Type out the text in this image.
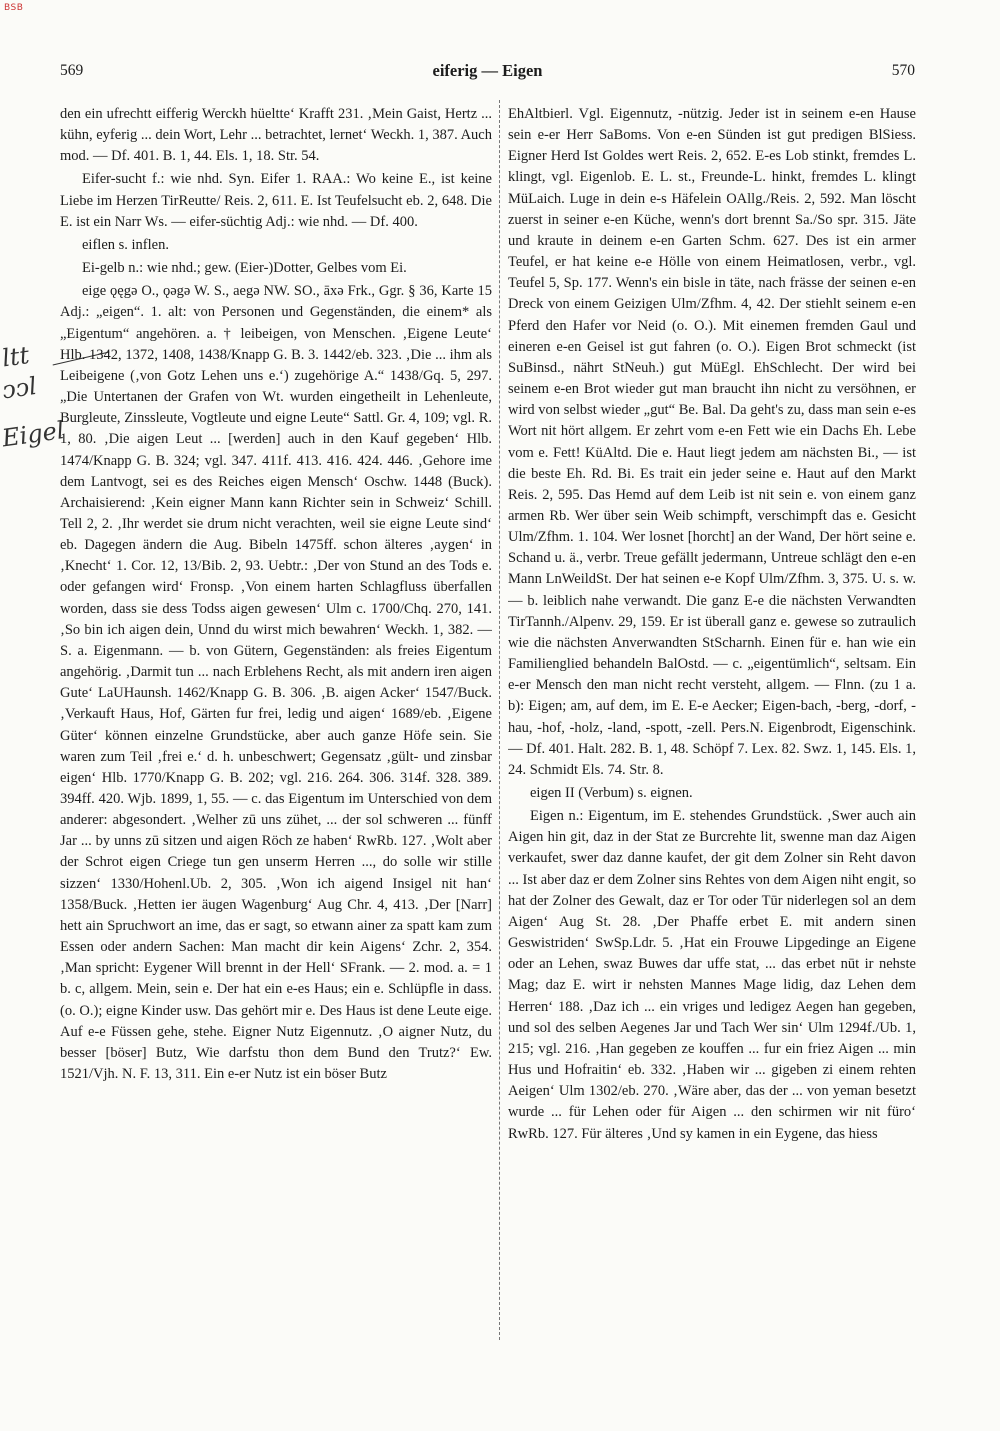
BSB
569	eiferig — Eigen	570
ltt
ͻͻl
Eigel

den ein ufrechtt eifferig Werckh hüeltte‘ Krafft 231. ‚Mein Gaist, Hertz ... kühn, eyferig ... dein Wort, Lehr ... betrachtet, lernet‘ Weckh. 1, 387. Auch mod. — Df. 401. B. 1, 44. Els. 1, 18. Str. 54.

Eifer-sucht f.: wie nhd. Syn. Eifer 1. RAA.: Wo keine E., ist keine Liebe im Herzen TirReutte/ Reis. 2, 611. E. Ist Teufelsucht eb. 2, 648. Die E. ist ein Narr Ws. — eifer-süchtig Adj.: wie nhd. — Df. 400.

eiflen s. inflen.

Ei-gelb n.: wie nhd.; gew. (Eier-)Dotter, Gelbes vom Ei.

eige ǫęgə O., ǫəgə W. S., aegə NW. SO., āxə Frk., Ggr. § 36, Karte 15 Adj.: „eigen“. 1. alt: von Personen und Gegenständen, die einem* als „Eigentum“ angehören. a. † leibeigen, von Menschen. ‚Eigene Leute‘ Hlb. 1342, 1372, 1408, 1438/Knapp G. B. 3. 1442/eb. 323. ‚Die ... ihm als Leibeigene (‚von Gotz Lehen uns e.‘) zugehörige A.“ 1438/Gq. 5, 297. „Die Untertanen der Grafen von Wt. wurden eingetheilt in Lehenleute, Burgleute, Zinssleute, Vogtleute und eigne Leute“ Sattl. Gr. 4, 109; vgl. R. 1, 80. ‚Die aigen Leut ... [werden] auch in den Kauf gegeben‘ Hlb. 1474/Knapp G. B. 324; vgl. 347. 411f. 413. 416. 424. 446. ‚Gehore ime dem Lantvogt, sei es des Reiches eigen Mensch‘ Oschw. 1448 (Buck). Archaisierend: ‚Kein eigner Mann kann Richter sein in Schweiz‘ Schill. Tell 2, 2. ‚Ihr werdet sie drum nicht verachten, weil sie eigne Leute sind‘ eb. Dagegen ändern die Aug. Bibeln 1475ff. schon älteres ‚aygen‘ in ‚Knecht‘ 1. Cor. 12, 13/Bib. 2, 93. Uebtr.: ‚Der von Stund an des Tods e. oder gefangen wird‘ Fronsp. ‚Von einem harten Schlagfluss überfallen worden, dass sie dess Todss aigen gewesen‘ Ulm c. 1700/Chq. 270, 141. ‚So bin ich aigen dein, Unnd du wirst mich bewahren‘ Weckh. 1, 382. — S. a. Eigenmann. — b. von Gütern, Gegenständen: als freies Eigentum angehörig. ‚Darmit tun ... nach Erblehens Recht, als mit andern iren aigen Gute‘ LaUHaunsh. 1462/Knapp G. B. 306. ‚B. aigen Acker‘ 1547/Buck. ‚Verkauft Haus, Hof, Gärten fur frei, ledig und aigen‘ 1689/eb. ‚Eigene Güter‘ können einzelne Grundstücke, aber auch ganze Höfe sein. Sie waren zum Teil ‚frei e.‘ d. h. unbeschwert; Gegensatz ‚gült- und zinsbar eigen‘ Hlb. 1770/Knapp G. B. 202; vgl. 216. 264. 306. 314f. 328. 389. 394ff. 420. Wjb. 1899, 1, 55. — c. das Eigentum im Unterschied von dem anderer: abgesondert. ‚Welher zū uns zühet, ... der sol schweren ... fünff Jar ... by unns zū sitzen und aigen Röch ze haben‘ RwRb. 127. ‚Wolt aber der Schrot eigen Criege tun gen unserm Herren ..., do solle wir stille sizzen‘ 1330/Hohenl.Ub. 2, 305. ‚Won ich aigend Insigel nit han‘ 1358/Buck. ‚Hetten ier äugen Wagenburg‘ Aug Chr. 4, 413. ‚Der [Narr] hett ain Spruchwort an ime, das er sagt, so etwann ainer za spatt kam zum Essen oder andern Sachen: Man macht dir kein Aigens‘ Zchr. 2, 354. ‚Man spricht: Eygener Will brennt in der Hell‘ SFrank. — 2. mod. a. = 1 b. c, allgem. Mein, sein e. Der hat ein e-es Haus; ein e. Schlüpfle in dass. (o. O.); eigne Kinder usw. Das gehört mir e. Des Haus ist dene Leute eige. Auf e-e Füssen gehe, stehe. Eigner Nutz Eigennutz. ‚O aigner Nutz, du besser [böser] Butz, Wie darfstu thon dem Bund den Trutz?‘ Ew. 1521/Vjh. N. F. 13, 311. Ein e-er Nutz ist ein böser Butz

EhAltbierl. Vgl. Eigennutz, -nützig. Jeder ist in seinem e-en Hause sein e-er Herr SaBoms. Von e-en Sünden ist gut predigen BlSiess. Eigner Herd Ist Goldes wert Reis. 2, 652. E-es Lob stinkt, fremdes L. klingt, vgl. Eigenlob. E. L. st., Freunde-L. hinkt, fremdes L. klingt MüLaich. Luge in dein e-s Häfelein OAllg./Reis. 2, 592. Man löscht zuerst in seiner e-en Küche, wenn's dort brennt Sa./So spr. 315. Jäte und kraute in deinem e-en Garten Schm. 627. Des ist ein armer Teufel, er hat keine e-e Hölle von einem Heimatlosen, verbr., vgl. Teufel 5, Sp. 177. Wenn's ein bisle in täte, nach frässe der seinen e-en Dreck von einem Geizigen Ulm/Zfhm. 4, 42. Der stiehlt seinem e-en Pferd den Hafer vor Neid (o. O.). Mit einemen fremden Gaul und eineren e-en Geisel ist gut fahren (o. O.). Eigen Brot schmeckt (ist SuBinsd., nährt StNeuh.) gut MüEgl. EhSchlecht. Der wird bei seinem e-en Brot wieder gut man braucht ihn nicht zu versöhnen, er wird von selbst wieder „gut“ Be. Bal. Da geht's zu, dass man sein e-es Wort nit hört allgem. Er zehrt vom e-en Fett wie ein Dachs Eh. Lebe vom e. Fett! KüAltd. Die e. Haut liegt jedem am nächsten Bi., — ist die beste Eh. Rd. Bi. Es trait ein jeder seine e. Haut auf den Markt Reis. 2, 595. Das Hemd auf dem Leib ist nit sein e. von einem ganz armen Rb. Wer über sein Weib schimpft, verschimpft das e. Gesicht Ulm/Zfhm. 1. 104. Wer losnet [horcht] an der Wand, Der hört seine e. Schand u. ä., verbr. Treue gefällt jedermann, Untreue schlägt den e-en Mann LnWeildSt. Der hat seinen e-e Kopf Ulm/Zfhm. 3, 375. U. s. w. — b. leiblich nahe verwandt. Die ganz E-e die nächsten Verwandten TirTannh./Alpenv. 29, 159. Er ist überall ganz e. gewese so zutraulich wie die nächsten Anverwandten StScharnh. Einen für e. han wie ein Familienglied behandeln BalOstd. — c. „eigentümlich“, seltsam. Ein e-er Mensch den man nicht recht versteht, allgem. — Flnn. (zu 1 a. b): Eigen; am, auf dem, im E. E-e Aecker; Eigen-bach, -berg, -dorf, -hau, -hof, -holz, -land, -spott, -zell. Pers.N. Eigenbrodt, Eigenschink. — Df. 401. Halt. 282. B. 1, 48. Schöpf 7. Lex. 82. Swz. 1, 145. Els. 1, 24. Schmidt Els. 74. Str. 8.

eigen II (Verbum) s. eignen.

Eigen n.: Eigentum, im E. stehendes Grundstück. ‚Swer auch ain Aigen hin git, daz in der Stat ze Burcrehte lit, swenne man daz Aigen verkaufet, swer daz danne kaufet, der git dem Zolner sin Reht davon ... Ist aber daz er dem Zolner sins Rehtes von dem Aigen niht engit, so hat der Zolner des Gewalt, daz er Tor oder Tūr niderlegen sol an dem Aigen‘ Aug St. 28. ‚Der Phaffe erbet E. mit andern sinen Geswistriden‘ SwSp.Ldr. 5. ‚Hat ein Frouwe Lipgedinge an Eigene oder an Lehen, swaz Buwes dar uffe stat, ... das erbet nūt ir nehste Mag; daz E. wirt ir nehsten Mannes Mage lidig, daz Lehen dem Herren‘ 188. ‚Daz ich ... ein vriges und ledigez Aegen han gegeben, und sol des selben Aegenes Jar und Tach Wer sin‘ Ulm 1294f./Ub. 1, 215; vgl. 216. ‚Han gegeben ze kouffen ... fur ein friez Aigen ... min Hus und Hofraitin‘ eb. 332. ‚Haben wir ... gigeben zi einem rehten Aeigen‘ Ulm 1302/eb. 270. ‚Wäre aber, das der ... von yeman besetzt wurde ... für Lehen oder für Aigen ... den schirmen wir nit füro‘ RwRb. 127. Für älteres ‚Und sy kamen in ein Eygene, das hiess
